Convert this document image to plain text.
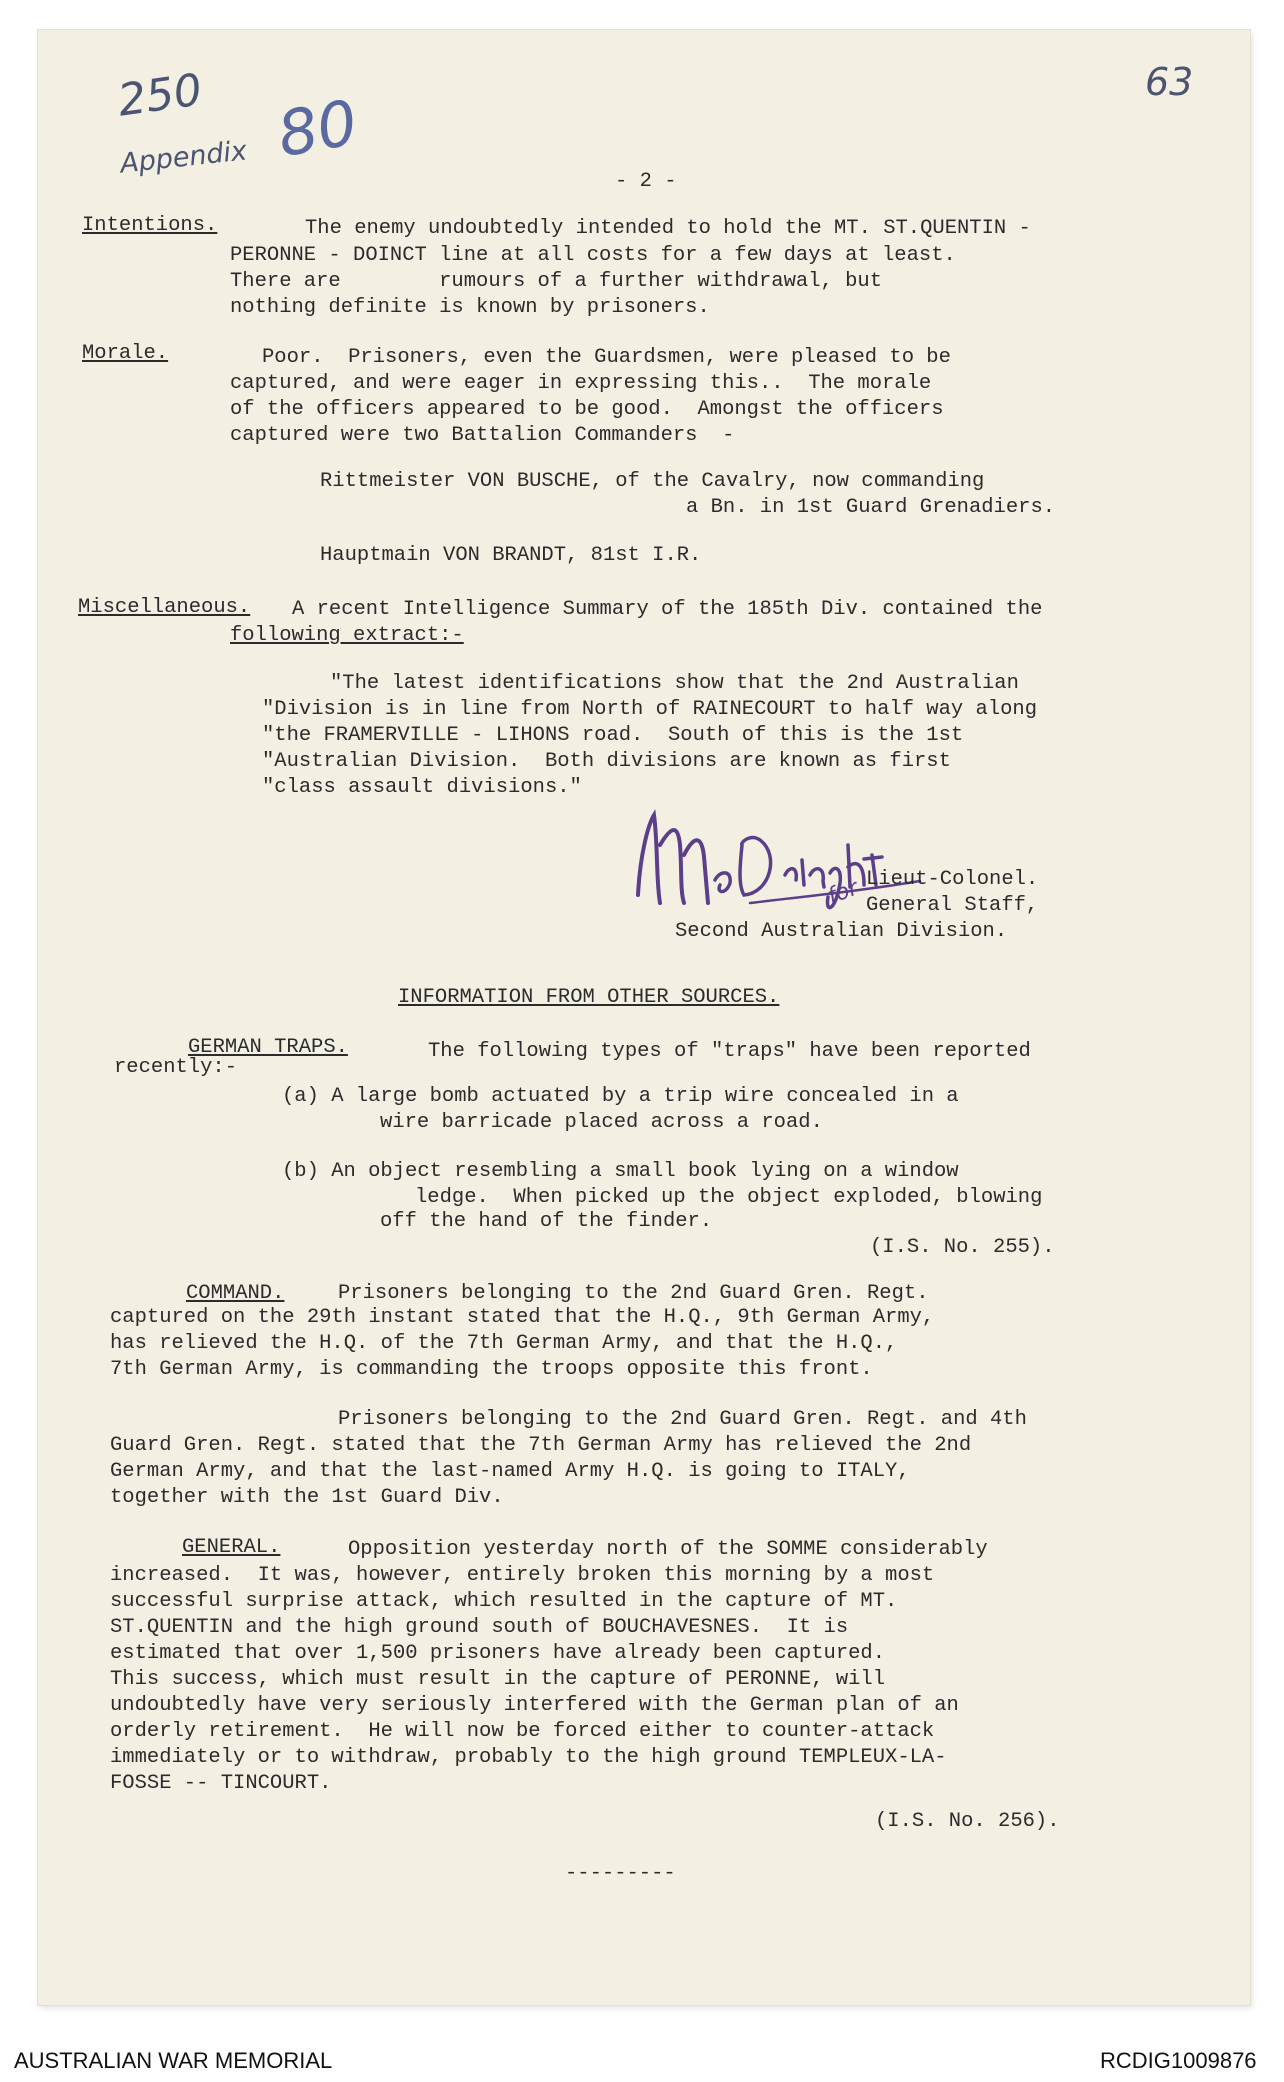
250
Appendix 80
63
- 2 -
Intentions.	The enemy undoubtedly intended to hold the MT. ST.QUENTIN -
PERONNE - DOINCT line at all costs for a few days at least.
There are        rumours of a further withdrawal, but
nothing definite is known by prisoners.
Morale.	Poor.  Prisoners, even the Guardsmen, were pleased to be
captured, and were eager in expressing this..  The morale
of the officers appeared to be good.  Amongst the officers
captured were two Battalion Commanders  -
Rittmeister VON BUSCHE, of the Cavalry, now commanding
a Bn. in 1st Guard Grenadiers.
Hauptmain VON BRANDT, 81st I.R.
Miscellaneous. A recent Intelligence Summary of the 185th Div. contained the
following extract:-
"The latest identifications show that the 2nd Australian
"Division is in line from North of RAINECOURT to half way along
"the FRAMERVILLE - LIHONS road.  South of this is the 1st
"Australian Division.  Both divisions are known as first
"class assault divisions."
for Lieut-Colonel.
General Staff,
Second Australian Division.
INFORMATION FROM OTHER SOURCES.
GERMAN TRAPS.	The following types of "traps" have been reported
recently:-
(a) A large bomb actuated by a trip wire concealed in a
wire barricade placed across a road.
(b) An object resembling a small book lying on a window
ledge.  When picked up the object exploded, blowing
off the hand of the finder.
(I.S. No. 255).
COMMAND.	Prisoners belonging to the 2nd Guard Gren. Regt.
captured on the 29th instant stated that the H.Q., 9th German Army,
has relieved the H.Q. of the 7th German Army, and that the H.Q.,
7th German Army, is commanding the troops opposite this front.
Prisoners belonging to the 2nd Guard Gren. Regt. and 4th
Guard Gren. Regt. stated that the 7th German Army has relieved the 2nd
German Army, and that the last-named Army H.Q. is going to ITALY,
together with the 1st Guard Div.
GENERAL.	Opposition yesterday north of the SOMME considerably
increased.  It was, however, entirely broken this morning by a most
successful surprise attack, which resulted in the capture of MT.
ST.QUENTIN and the high ground south of BOUCHAVESNES.  It is
estimated that over 1,500 prisoners have already been captured.
This success, which must result in the capture of PERONNE, will
undoubtedly have very seriously interfered with the German plan of an
orderly retirement.  He will now be forced either to counter-attack
immediately or to withdraw, probably to the high ground TEMPLEUX-LA-
FOSSE -- TINCOURT.
(I.S. No. 256).
---------
AUSTRALIAN WAR MEMORIAL	RCDIG1009876
